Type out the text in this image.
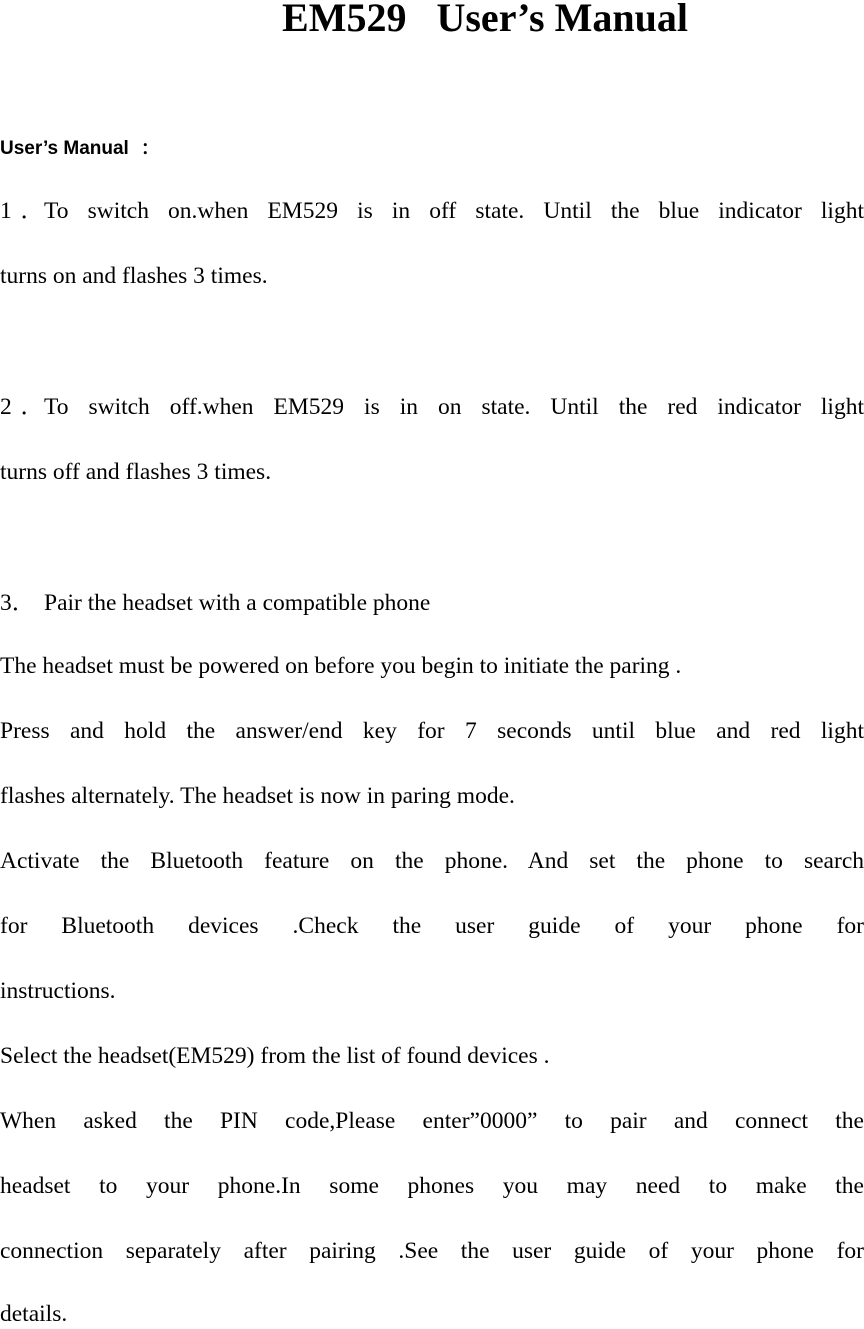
EM529   User’s Manual
User’s Manual ：
1．To switch on.when EM529 is in off state. Until the blue indicator light
turns on and flashes 3 times.
2．To switch off.when EM529 is in on state. Until the red indicator light
turns off and flashes 3 times.
3． Pair the headset with a compatible phone
The headset must be powered on before you begin to initiate the paring .
Press and hold the answer/end key for 7 seconds until blue and red light
flashes alternately. The headset is now in paring mode.
Activate the Bluetooth feature on the phone. And set the phone to search
for Bluetooth devices .Check the user guide of your phone for
instructions.
Select the headset(EM529) from the list of found devices .
When asked the PIN code,Please enter”0000” to pair and connect the
headset to your phone.In some phones you may need to make the
connection separately after pairing .See the user guide of your phone for
details.
